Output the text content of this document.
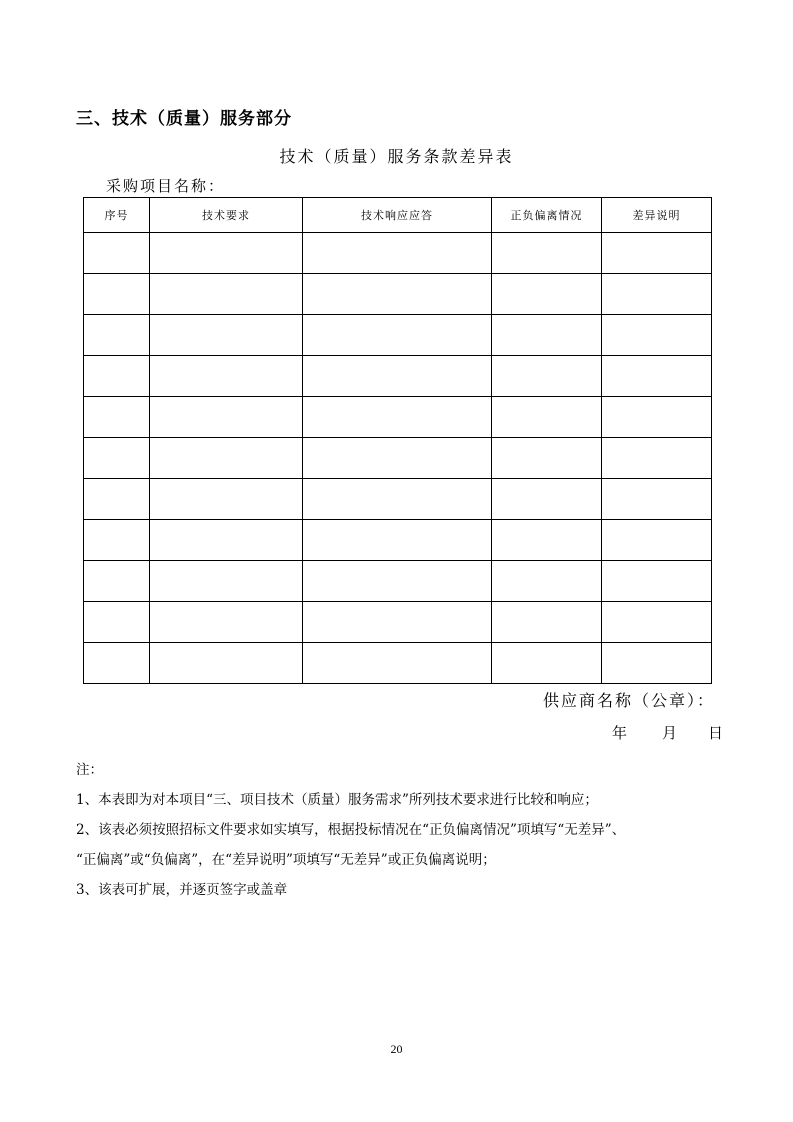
三、技术（质量）服务部分
技术（质量）服务条款差异表
采购项目名称：
序号	技术要求	技术响应应答	正负偏离情况	差异说明

供应商名称（公章）：
年 月 日
注：
1、本表即为对本项目“三、项目技术（质量）服务需求”所列技术要求进行比较和响应；
2、该表必须按照招标文件要求如实填写，根据投标情况在“正负偏离情况”项填写“无差异”、
“正偏离”或“负偏离”，在“差异说明”项填写“无差异”或正负偏离说明；
3、该表可扩展，并逐页签字或盖章
20
